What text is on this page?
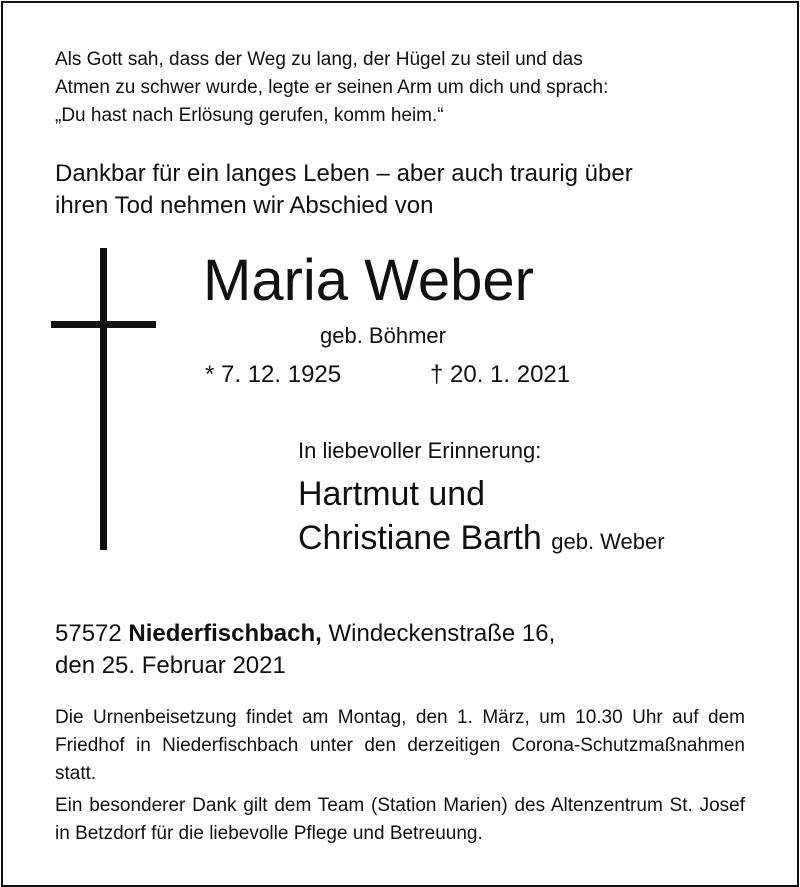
Als Gott sah, dass der Weg zu lang, der Hügel zu steil und das

Atmen zu schwer wurde, legte er seinen Arm um dich und sprach:

„Du hast nach Erlösung gerufen, komm heim.“

Dankbar für ein langes Leben – aber auch traurig über

ihren Tod nehmen wir Abschied von

Maria Weber

geb. Böhmer

* 7. 12. 1925	† 20. 1. 2021

In liebevoller Erinnerung:

Hartmut und

Christiane Barth geb. Weber

57572 Niederfischbach, Windeckenstraße 16,

den 25. Februar 2021

Die Urnenbeisetzung findet am Montag, den 1. März, um 10.30 Uhr auf dem Friedhof in Niederfischbach unter den derzeitigen Corona-Schutzmaßnahmen statt.

Ein besonderer Dank gilt dem Team (Station Marien) des Altenzentrum St. Josef in Betzdorf für die liebevolle Pflege und Betreuung.
